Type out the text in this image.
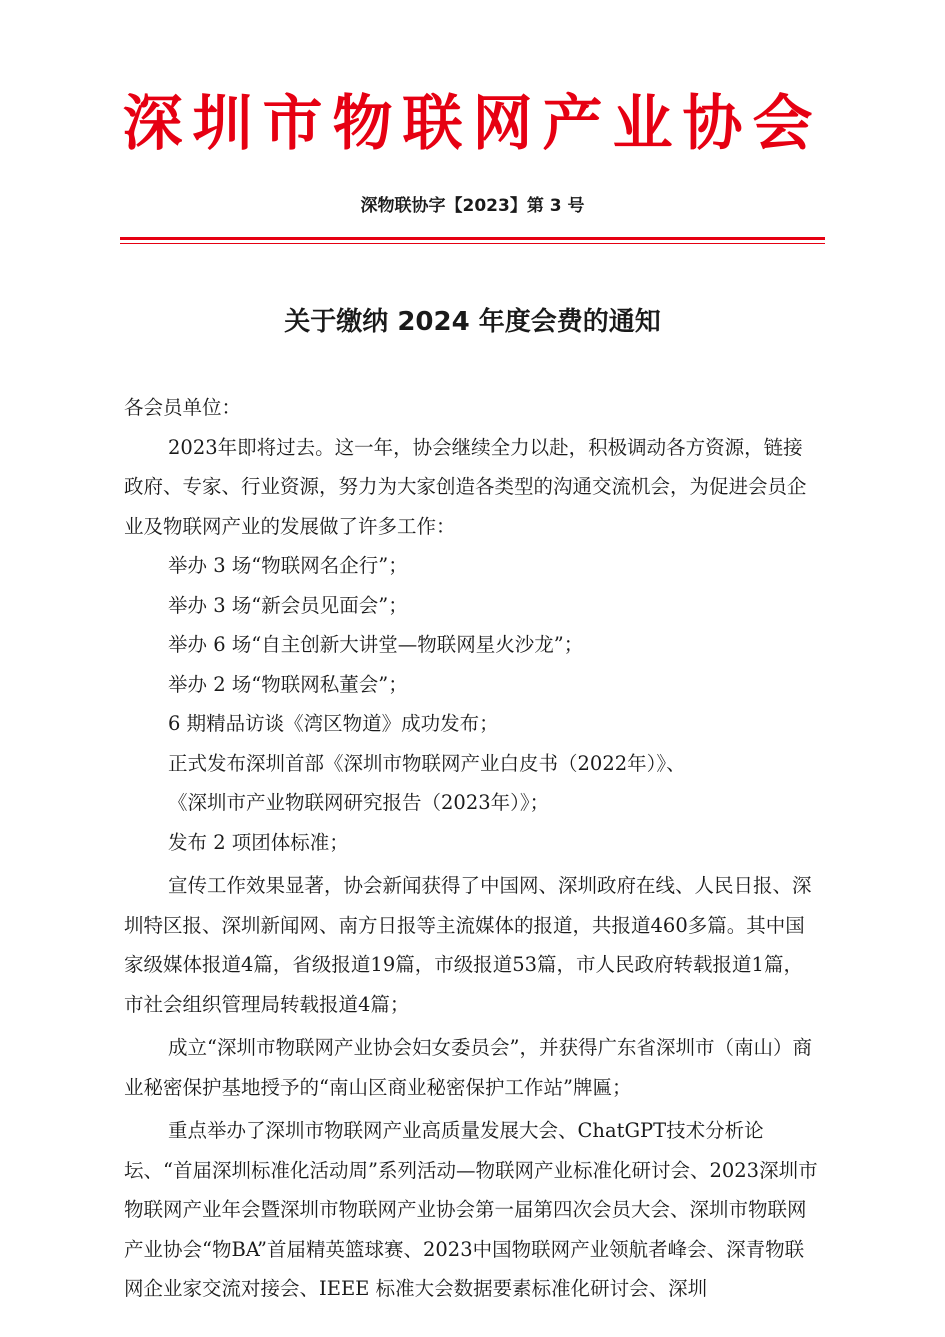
深圳市物联网产业协会
深物联协字【2023】第 3 号
关于缴纳 2024 年度会费的通知

各会员单位：

2023年即将过去。这一年，协会继续全力以赴，积极调动各方资源，链接政府、专家、行业资源，努力为大家创造各类型的沟通交流机会，为促进会员企业及物联网产业的发展做了许多工作：

举办 3 场“物联网名企行”；

举办 3 场“新会员见面会”；

举办 6 场“自主创新大讲堂—物联网星火沙龙”；

举办 2 场“物联网私董会”；

6 期精品访谈《湾区物道》成功发布；

正式发布深圳首部《深圳市物联网产业白皮书（2022年）》、

《深圳市产业物联网研究报告（2023年）》；

发布 2 项团体标准；

宣传工作效果显著，协会新闻获得了中国网、深圳政府在线、人民日报、深圳特区报、深圳新闻网、南方日报等主流媒体的报道，共报道460多篇。其中国家级媒体报道4篇，省级报道19篇，市级报道53篇，市人民政府转载报道1篇，市社会组织管理局转载报道4篇；

成立“深圳市物联网产业协会妇女委员会”，并获得广东省深圳市（南山）商业秘密保护基地授予的“南山区商业秘密保护工作站”牌匾；

重点举办了深圳市物联网产业高质量发展大会、ChatGPT技术分析论坛、“首届深圳标准化活动周”系列活动—物联网产业标准化研讨会、2023深圳市物联网产业年会暨深圳市物联网产业协会第一届第四次会员大会、深圳市物联网产业协会“物BA”首届精英篮球赛、2023中国物联网产业领航者峰会、深青物联网企业家交流对接会、IEEE 标准大会数据要素标准化研讨会、深圳
